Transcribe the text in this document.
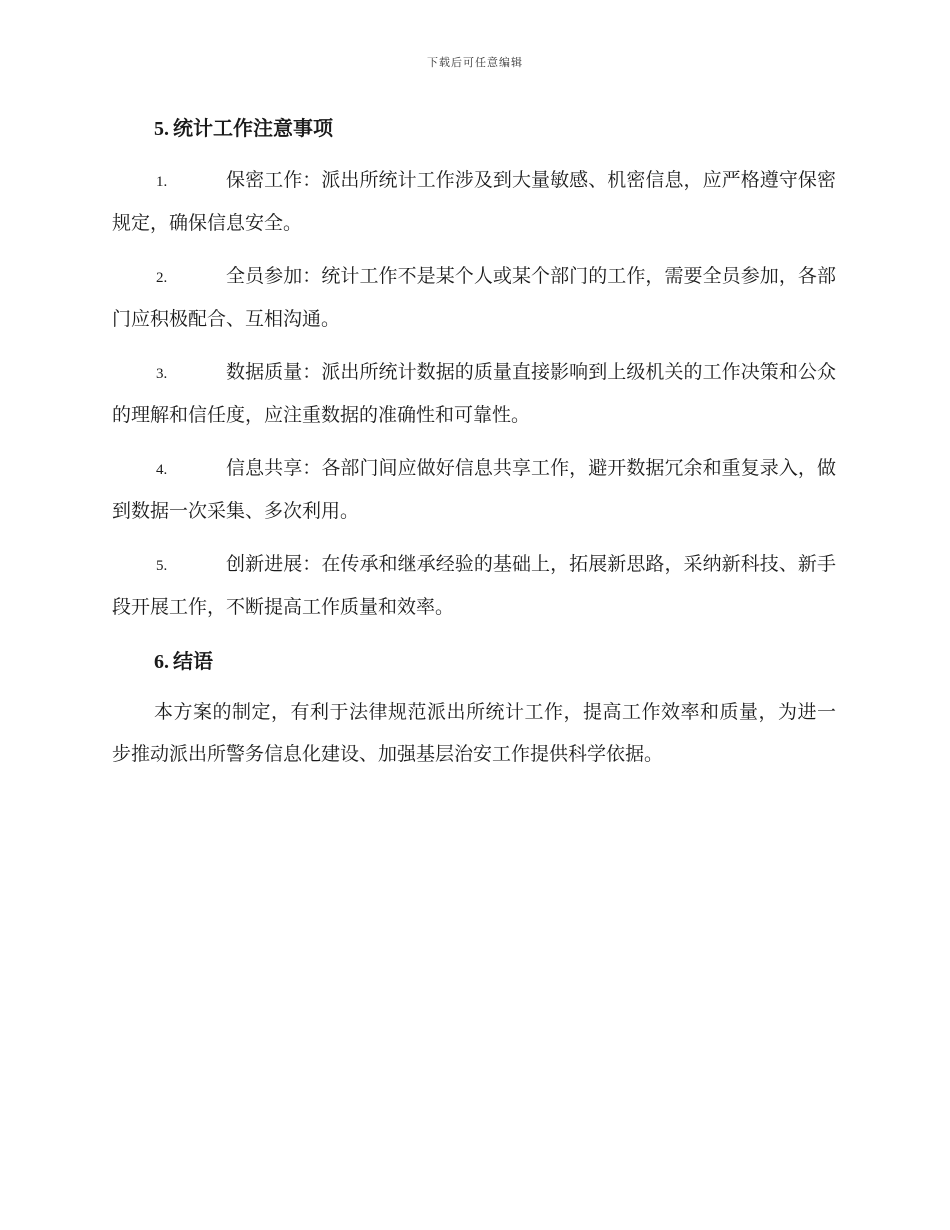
下载后可任意编辑
5. 统计工作注意事项
1.	保密工作：派出所统计工作涉及到大量敏感、机密信息，应严格遵守保密规定，确保信息安全。
2.	全员参加：统计工作不是某个人或某个部门的工作，需要全员参加，各部门应积极配合、互相沟通。
3.	数据质量：派出所统计数据的质量直接影响到上级机关的工作决策和公众的理解和信任度，应注重数据的准确性和可靠性。
4.	信息共享：各部门间应做好信息共享工作，避开数据冗余和重复录入，做到数据一次采集、多次利用。
5.	创新进展：在传承和继承经验的基础上，拓展新思路，采纳新科技、新手段开展工作，不断提高工作质量和效率。
6. 结语

本方案的制定，有利于法律规范派出所统计工作，提高工作效率和质量，为进一步推动派出所警务信息化建设、加强基层治安工作提供科学依据。
